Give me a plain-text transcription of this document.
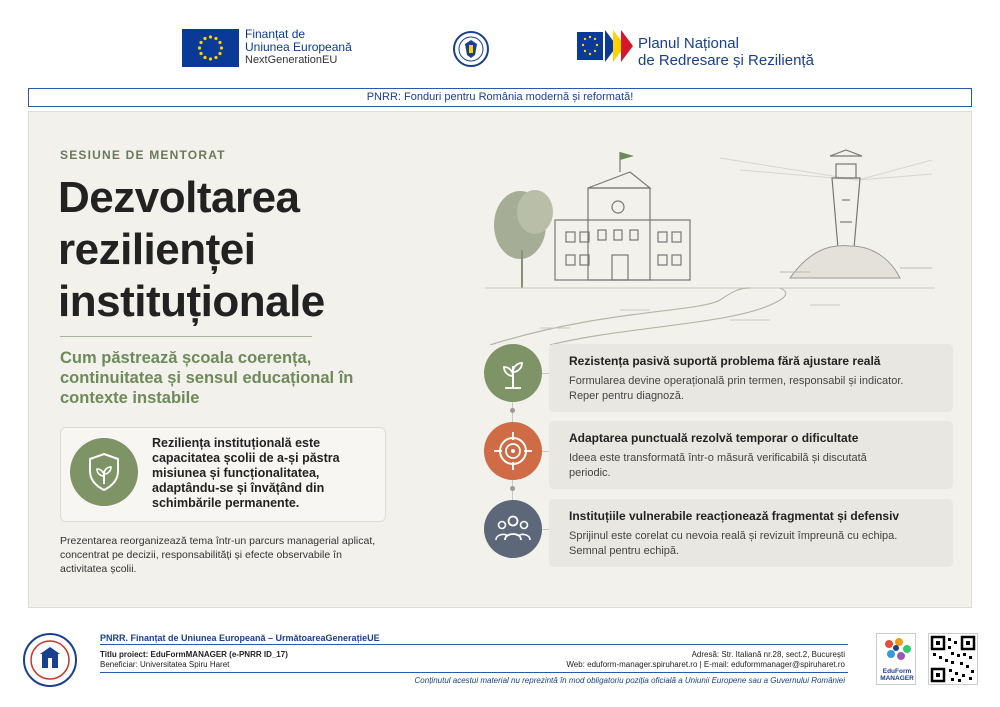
Finanțat de
Uniunea Europeană
NextGenerationEU
Planul Național
de Redresare și Reziliență
PNRR: Fonduri pentru România modernă și reformată!
SESIUNE DE MENTORAT
Dezvoltarea
rezilienței
instituționale
Cum păstrează școala coerența, continuitatea și sensul educațional în contexte instabile
Reziliența instituțională este capacitatea școlii de a-și păstra misiunea și funcționalitatea, adaptându-se și învățând din schimbările permanente.
Prezentarea reorganizează tema într-un parcurs managerial aplicat, concentrat pe decizii, responsabilități și efecte observabile în activitatea școlii.
Rezistența pasivă suportă problema fără ajustare reală
Formularea devine operațională prin termen, responsabil și indicator. Reper pentru diagnoză.
Adaptarea punctuală rezolvă temporar o dificultate
Ideea este transformată într-o măsură verificabilă și discutată periodic.
Instituțiile vulnerabile reacționează fragmentat și defensiv
Sprijinul este corelat cu nevoia reală și revizuit împreună cu echipa. Semnal pentru echipă.
PNRR. Finanțat de Uniunea Europeană – UrmătoareaGenerațieUE
Titlu proiect: EduFormMANAGER (e-PNRR ID_17)
Beneficiar: Universitatea Spiru Haret
Adresă: Str. Italiană nr.28, sect.2, București
Web: eduform-manager.spiruharet.ro | E-mail: eduformmanager@spiruharet.ro
Conținutul acestui material nu reprezintă în mod obligatoriu poziția oficială a Uniunii Europene sau a Guvernului României
EduForm
MANAGER
